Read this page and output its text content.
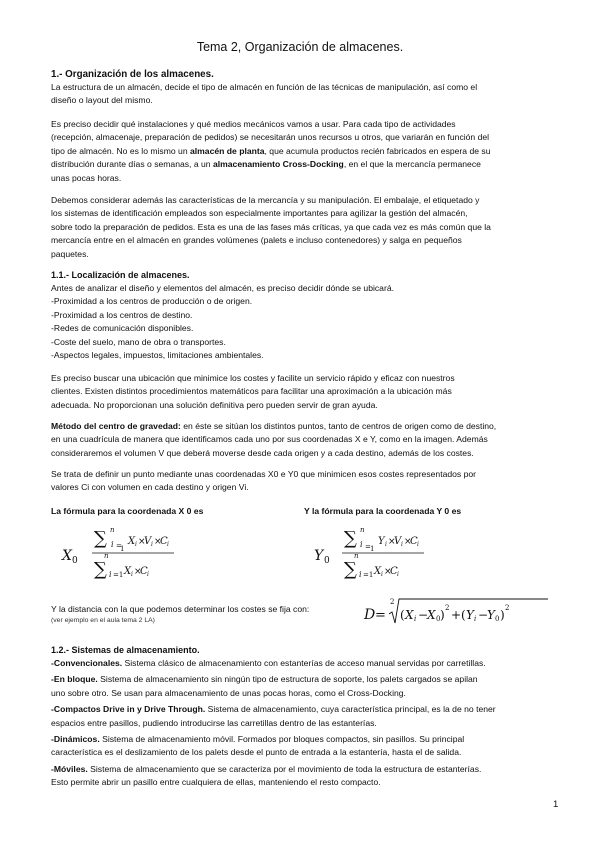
Tema 2, Organización de almacenes.
1.- Organización de los almacenes.
La estructura de un almacén, decide el tipo de almacén en función de las técnicas de manipulación, así como el
diseño o layout del mismo.
Es preciso decidir qué instalaciones y qué medios mecánicos vamos a usar. Para cada tipo de actividades
(recepción, almacenaje, preparación de pedidos) se necesitarán unos recursos u otros, que variarán en función del
tipo de almacén. No es lo mismo un almacén de planta, que acumula productos recién fabricados en espera de su
distribución durante días o semanas, a un almacenamiento Cross-Docking, en el que la mercancía permanece
unas pocas horas.
Debemos considerar además las características de la mercancía y su manipulación. El embalaje, el etiquetado y
los sistemas de identificación empleados son especialmente importantes para agilizar la gestión del almacén,
sobre todo la preparación de pedidos. Esta es una de las fases más críticas, ya que cada vez es más común que la
mercancía entre en el almacén en grandes volúmenes (palets e incluso contenedores) y salga en pequeños
paquetes.
1.1.- Localización de almacenes.
Antes de analizar el diseño y elementos del almacén, es preciso decidir dónde se ubicará.
-Proximidad a los centros de producción o de origen.
-Proximidad a los centros de destino.
-Redes de comunicación disponibles.
-Coste del suelo, mano de obra o transportes.
-Aspectos legales, impuestos, limitaciones ambientales.
Es preciso buscar una ubicación que minimice los costes y facilite un servicio rápido y eficaz con nuestros
clientes. Existen distintos procedimientos matemáticos para facilitar una aproximación a la ubicación más
adecuada. No proporcionan una solución definitiva pero pueden servir de gran ayuda.
Método del centro de gravedad: en éste se sitúan los distintos puntos, tanto de centros de origen como de destino,
en una cuadrícula de manera que identificamos cada uno por sus coordenadas X e Y, como en la imagen. Además
consideraremos el volumen V que deberá moverse desde cada origen y a cada destino, además de los costes.
Se trata de definir un punto mediante unas coordenadas X0 e Y0 que minimicen esos costes representados por
valores Ci con volumen en cada destino y origen Vi.
La fórmula para la coordenada X 0 es	Y la fórmula para la coordenada Y 0 es
X 0
∑ n
i =
1
X i ×
V i ×
C i
n
∑ i =1 X i ×
C i
Y 0
∑ n
i = 1
Y i ×
V i ×
C i
n
∑ i =1 X i ×
C i
Y la distancia con la que podemos determinar los costes se fija con:
(ver ejemplo en el aula tema 2 LA)	D =
2
( X i −
X 0 ) 2 + ( Y i −
Y 0 ) 2
1.2.- Sistemas de almacenamiento.
-Convencionales. Sistema clásico de almacenamiento con estanterías de acceso manual servidas por carretillas.
-En bloque. Sistema de almacenamiento sin ningún tipo de estructura de soporte, los palets cargados se apilan
uno sobre otro. Se usan para almacenamiento de unas pocas horas, como el Cross-Docking.
-Compactos Drive in y Drive Through. Sistema de almacenamiento, cuya característica principal, es la de no tener
espacios entre pasillos, pudiendo introducirse las carretillas dentro de las estanterías.
-Dinámicos. Sistema de almacenamiento móvil. Formados por bloques compactos, sin pasillos. Su principal
característica es el deslizamiento de los palets desde el punto de entrada a la estantería, hasta el de salida.
-Móviles. Sistema de almacenamiento que se caracteriza por el movimiento de toda la estructura de estanterías.
Esto permite abrir un pasillo entre cualquiera de ellas, manteniendo el resto compacto.
1
